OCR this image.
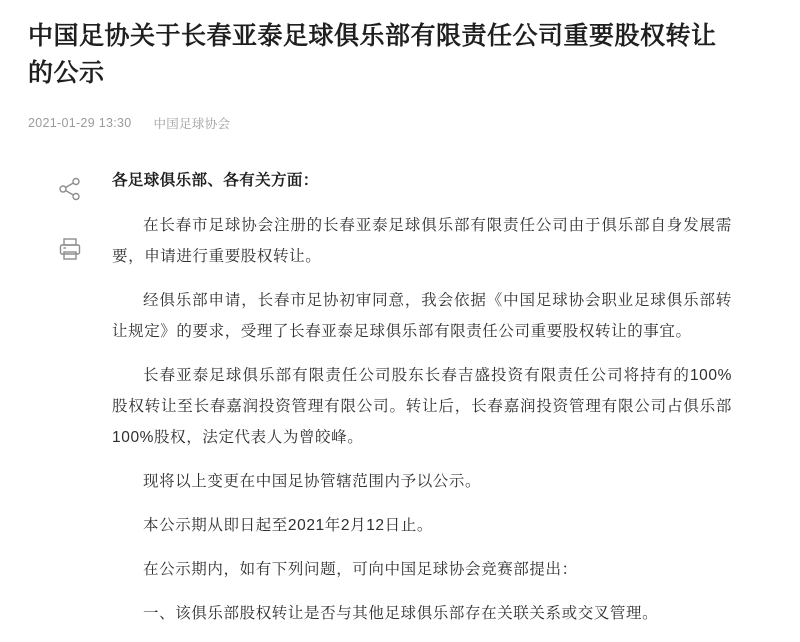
中国足协关于长春亚泰足球俱乐部有限责任公司重要股权转让的公示
2021-01-29 13:30 中国足球协会

各足球俱乐部、各有关方面：

在长春市足球协会注册的长春亚泰足球俱乐部有限责任公司由于俱乐部自身发展需要，申请进行重要股权转让。

经俱乐部申请，长春市足协初审同意，我会依据《中国足球协会职业足球俱乐部转让规定》的要求，受理了长春亚泰足球俱乐部有限责任公司重要股权转让的事宜。

长春亚泰足球俱乐部有限责任公司股东长春吉盛投资有限责任公司将持有的100%股权转让至长春嘉润投资管理有限公司。转让后，长春嘉润投资管理有限公司占俱乐部100%股权，法定代表人为曾皎峰。

现将以上变更在中国足协管辖范围内予以公示。

本公示期从即日起至2021年2月12日止。

在公示期内，如有下列问题，可向中国足球协会竞赛部提出：

一、该俱乐部股权转让是否与其他足球俱乐部存在关联关系或交叉管理。
